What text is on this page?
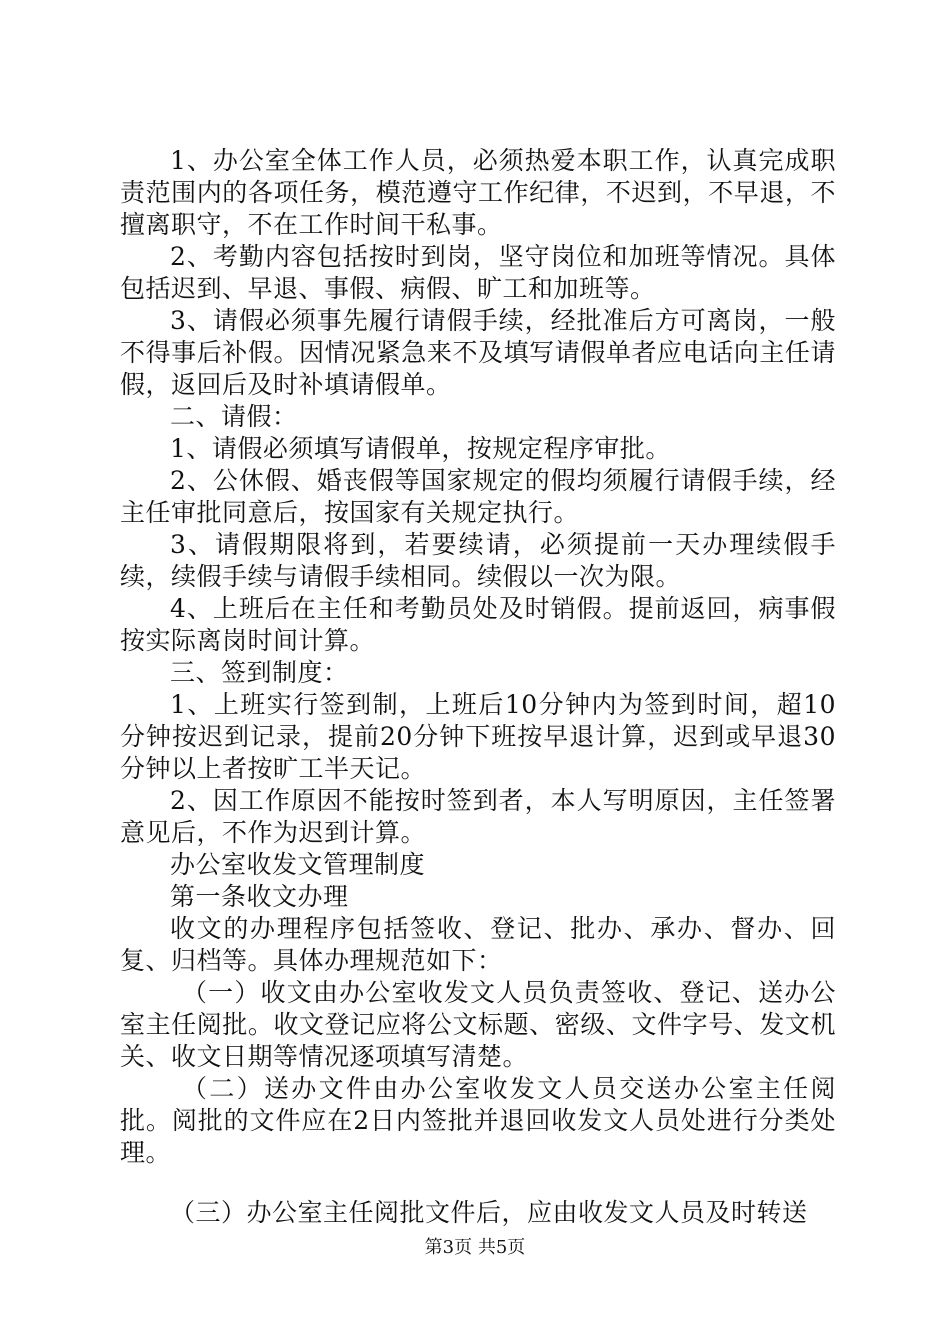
1、办公室全体工作人员，必须热爱本职工作，认真完成职责范围内的各项任务，模范遵守工作纪律，不迟到，不早退，不擅离职守，不在工作时间干私事。

2、考勤内容包括按时到岗，坚守岗位和加班等情况。具体包括迟到、早退、事假、病假、旷工和加班等。

3、请假必须事先履行请假手续，经批准后方可离岗，一般不得事后补假。因情况紧急来不及填写请假单者应电话向主任请假，返回后及时补填请假单。

二、请假：

1、请假必须填写请假单，按规定程序审批。

2、公休假、婚丧假等国家规定的假均须履行请假手续，经主任审批同意后，按国家有关规定执行。

3、请假期限将到，若要续请，必须提前一天办理续假手续，续假手续与请假手续相同。续假以一次为限。

4、上班后在主任和考勤员处及时销假。提前返回，病事假按实际离岗时间计算。

三、签到制度：

1、上班实行签到制，上班后10分钟内为签到时间，超10分钟按迟到记录，提前20分钟下班按早退计算，迟到或早退30分钟以上者按旷工半天记。

2、因工作原因不能按时签到者，本人写明原因，主任签署意见后，不作为迟到计算。

办公室收发文管理制度

第一条收文办理

收文的办理程序包括签收、登记、批办、承办、督办、回复、归档等。具体办理规范如下：

（一）收文由办公室收发文人员负责签收、登记、送办公室主任阅批。收文登记应将公文标题、密级、文件字号、发文机关、收文日期等情况逐项填写清楚。

（二）送办文件由办公室收发文人员交送办公室主任阅批。阅批的文件应在2日内签批并退回收发文人员处进行分类处理。

（三）办公室主任阅批文件后，应由收发文人员及时转送

第3页 共5页
